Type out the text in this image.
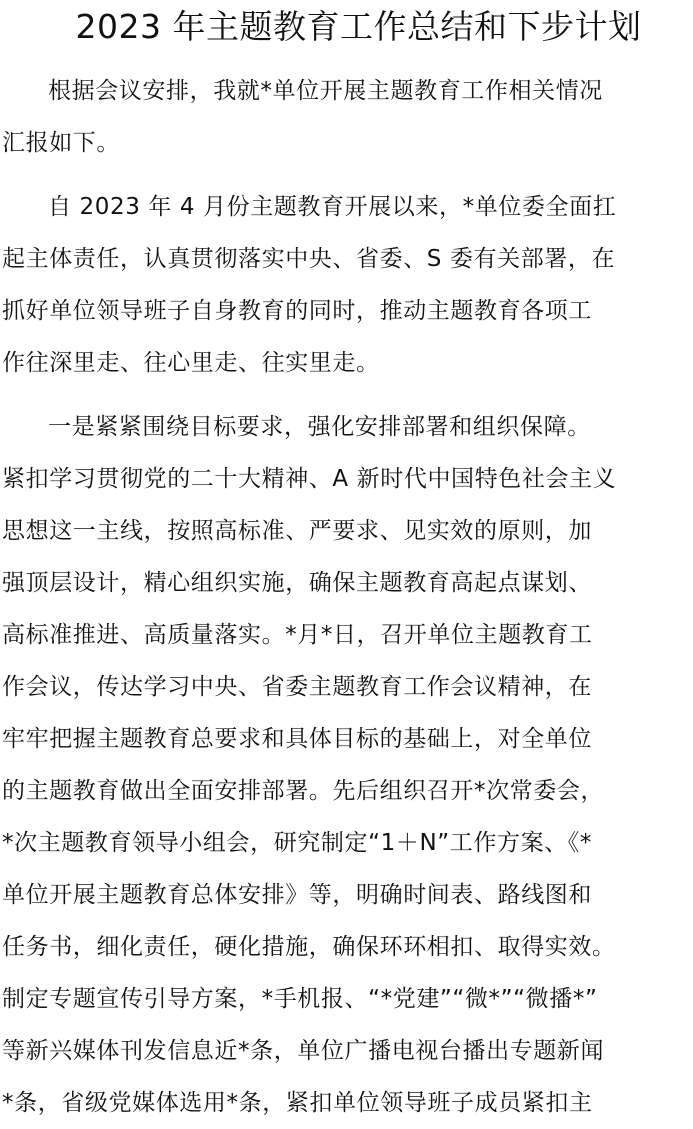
2023 年主题教育工作总结和下步计划
根据会议安排，我就*单位开展主题教育工作相关情况
汇报如下。
自 2023 年 4 月份主题教育开展以来，*单位委全面扛
起主体责任，认真贯彻落实中央、省委、S 委有关部署，在
抓好单位领导班子自身教育的同时，推动主题教育各项工
作往深里走、往心里走、往实里走。
一是紧紧围绕目标要求，强化安排部署和组织保障。
紧扣学习贯彻党的二十大精神、A 新时代中国特色社会主义
思想这一主线，按照高标准、严要求、见实效的原则，加
强顶层设计，精心组织实施，确保主题教育高起点谋划、
高标准推进、高质量落实。*月*日，召开单位主题教育工
作会议，传达学习中央、省委主题教育工作会议精神，在
牢牢把握主题教育总要求和具体目标的基础上，对全单位
的主题教育做出全面安排部署。先后组织召开*次常委会，
*次主题教育领导小组会，研究制定“1＋N”工作方案、《*
单位开展主题教育总体安排》等，明确时间表、路线图和
任务书，细化责任，硬化措施，确保环环相扣、取得实效。
制定专题宣传引导方案，*手机报、“*党建”“微*”“微播*”
等新兴媒体刊发信息近*条，单位广播电视台播出专题新闻
*条，省级党媒体选用*条，紧扣单位领导班子成员紧扣主
